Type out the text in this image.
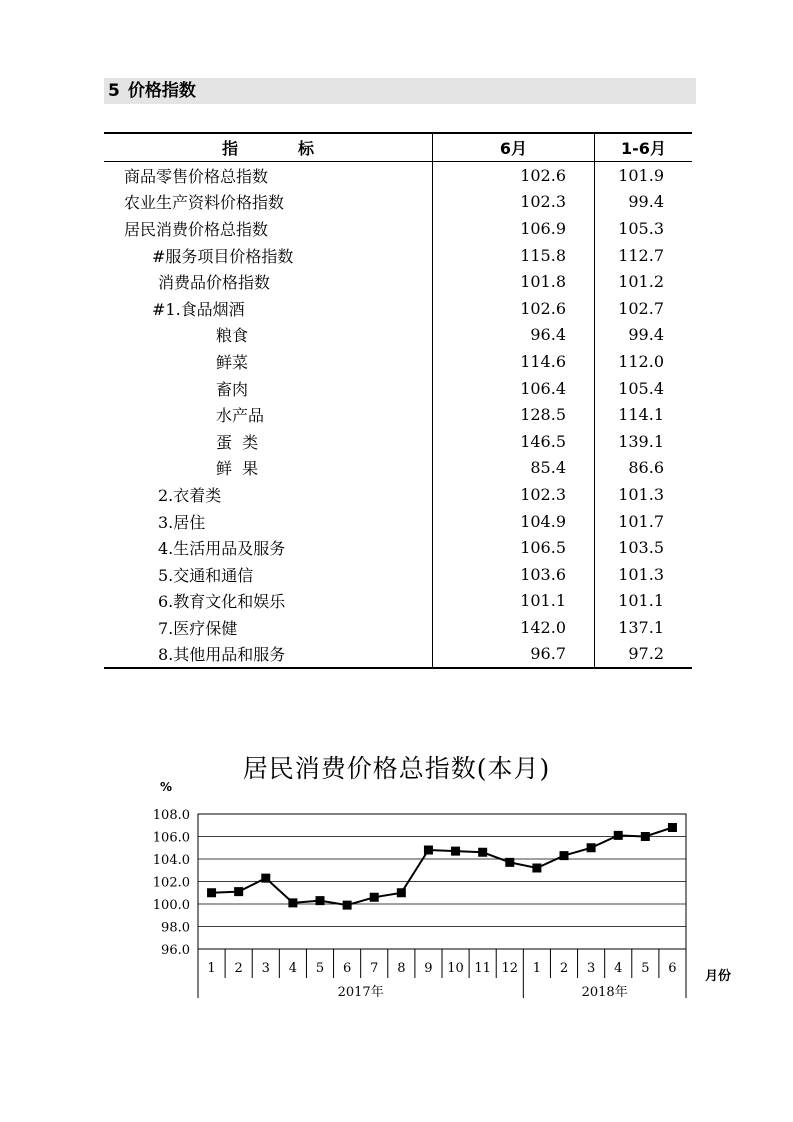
5 价格指数
指标	6月	1-6月
商品零售价格总指数	102.6	101.9
农业生产资料价格指数	102.3	99.4
居民消费价格总指数	106.9	105.3
#服务项目价格指数	115.8	112.7
消费品价格指数	101.8	101.2
#1.食品烟酒	102.6	102.7
粮食	96.4	99.4
鲜菜	114.6	112.0
畜肉	106.4	105.4
水产品	128.5	114.1
蛋  类	146.5	139.1
鲜  果	85.4	86.6
2.衣着类	102.3	101.3
3.居住	104.9	101.7
4.生活用品及服务	106.5	103.5
5.交通和通信	103.6	101.3
6.教育文化和娱乐	101.1	101.1
7.医疗保健	142.0	137.1
8.其他用品和服务	96.7	97.2
居民消费价格总指数(本月)
%
96.0
98.0
100.0
102.0
104.0
106.0
108.0
1 2 3 4 5 6 7 8 9 10 11 12
2017年
1 2 3 4 5 6
2018年
月份
